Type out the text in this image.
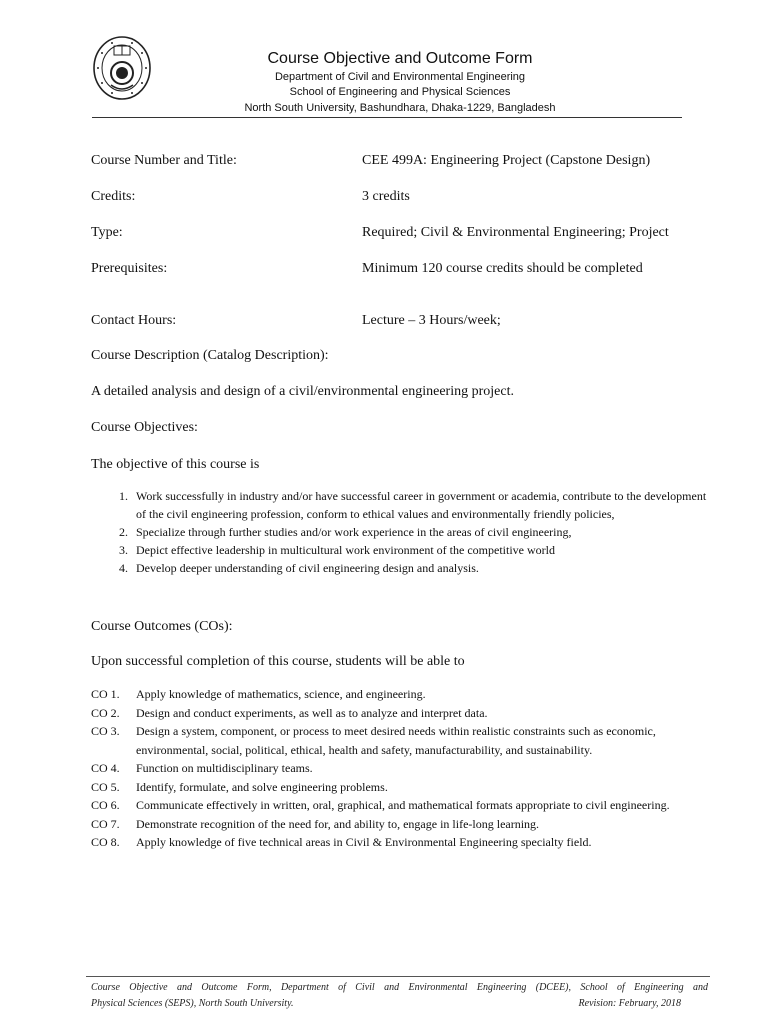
Course Objective and Outcome Form
Department of Civil and Environmental Engineering
School of Engineering and Physical Sciences
North South University, Bashundhara, Dhaka-1229, Bangladesh
Course Number and Title:	CEE 499A: Engineering Project (Capstone Design)
Credits:	3 credits
Type:	Required; Civil & Environmental Engineering; Project
Prerequisites:	Minimum 120 course credits should be completed
Contact Hours:	Lecture – 3 Hours/week;
Course Description (Catalog Description):
A detailed analysis and design of a civil/environmental engineering project.
Course Objectives:
The objective of this course is
1. Work successfully in industry and/or have successful career in government or academia, contribute to the development of the civil engineering profession, conform to ethical values and environmentally friendly policies,
2. Specialize through further studies and/or work experience in the areas of civil engineering,
3. Depict effective leadership in multicultural work environment of the competitive world
4. Develop deeper understanding of civil engineering design and analysis.
Course Outcomes (COs):
Upon successful completion of this course, students will be able to
CO 1. Apply knowledge of mathematics, science, and engineering.
CO 2. Design and conduct experiments, as well as to analyze and interpret data.
CO 3. Design a system, component, or process to meet desired needs within realistic constraints such as economic, environmental, social, political, ethical, health and safety, manufacturability, and sustainability.
CO 4. Function on multidisciplinary teams.
CO 5. Identify, formulate, and solve engineering problems.
CO 6. Communicate effectively in written, oral, graphical, and mathematical formats appropriate to civil engineering.
CO 7. Demonstrate recognition of the need for, and ability to, engage in life-long learning.
CO 8. Apply knowledge of five technical areas in Civil & Environmental Engineering specialty field.
Course Objective and Outcome Form, Department of Civil and Environmental Engineering (DCEE), School of Engineering and
Physical Sciences (SEPS), North South University.	Revision: February, 2018
